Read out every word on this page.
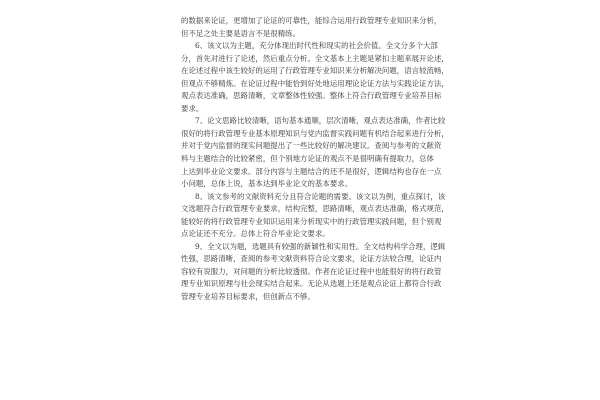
的数据来论证，更增加了论证的可靠性，能综合运用行政管理专业知识来分析，
但不足之处主要是语言不是很精练。
6、该文以为主题，充分体现出时代性和现实的社会价值。全文分多个大部
分，首先对进行了论述，然后重点分析。全文基本上主题是紧扣主题来展开论述，
在论述过程中该生较好的运用了行政管理专业知识来分析解决问题，语言较流畅，
但观点不够精炼。在论证过程中能恰到好处地运用理论论证方法与实践论证方法，
观点表达准确，思路清晰，文章整体性较强。整体上符合行政管理专业培养目标
要求。
7、论文思路比较清晰，语句基本通顺，层次清晰，观点表达准确，作者比较
很好的将行政管理专业基本原理知识与党内监督实践问题有机结合起来进行分析，
并对于党内监督的现实问题提出了一些比较好的解决建议。查阅与参考的文献资
料与主题结合的比较紧密，但个别地方论证的观点不是很明确有提取力，总体
上达到毕业论文要求。部分内容与主题结合的还不是很好，逻辑结构也存在一点
小问题，总体上说，基本达到毕业论文的基本要求。
8、该文参考的文献资料充分且符合论题的需要。该文以为例，重点探讨，该
文选题符合行政管理专业要求，结构完整，思路清晰，观点表达准确，格式规范，
能较好的将行政管理专业知识运用来分析现实中的行政管理实践问题，但个别观
点论证还不充分。总体上符合毕业论文要求。
9、全文以为题，选题具有较强的新颖性和实用性。全文结构科学合理，逻辑
性强，思路清晰，查阅的参考文献资料符合论文要求，论证方法较合理，论证内
容较有说服力，对问题的分析比较透彻。作者在论证过程中也能很好的将行政管
理专业知识原理与社会现实结合起来。无论从选题上还是观点论证上都符合行政
管理专业培养目标要求，但创新点不够。
